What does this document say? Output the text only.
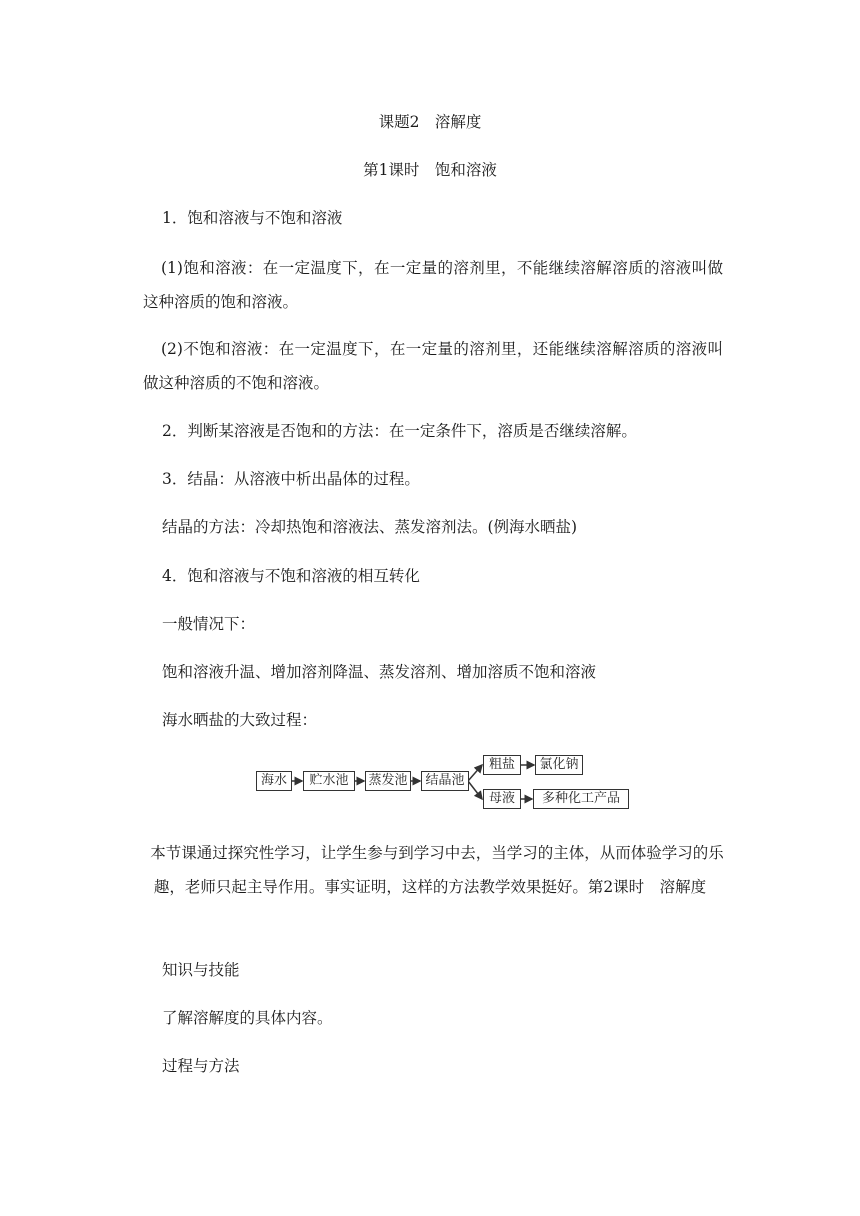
课题2　溶解度
第1课时　饱和溶液
1．饱和溶液与不饱和溶液
(1)饱和溶液：在一定温度下，在一定量的溶剂里，不能继续溶解溶质的溶液叫做这种溶质的饱和溶液。
(2)不饱和溶液：在一定温度下，在一定量的溶剂里，还能继续溶解溶质的溶液叫做这种溶质的不饱和溶液。
2．判断某溶液是否饱和的方法：在一定条件下，溶质是否继续溶解。
3．结晶：从溶液中析出晶体的过程。
结晶的方法：冷却热饱和溶液法、蒸发溶剂法。(例海水晒盐)
4．饱和溶液与不饱和溶液的相互转化
一般情况下：
饱和溶液升温、增加溶剂降温、蒸发溶剂、增加溶质不饱和溶液
海水晒盐的大致过程：
海水	贮水池	蒸发池	结晶池
粗盐	氯化钠
母液	多种化工产品
本节课通过探究性学习，让学生参与到学习中去，当学习的主体，从而体验学习的乐趣，老师只起主导作用。事实证明，这样的方法教学效果挺好。第2课时　溶解度
知识与技能
了解溶解度的具体内容。
过程与方法
